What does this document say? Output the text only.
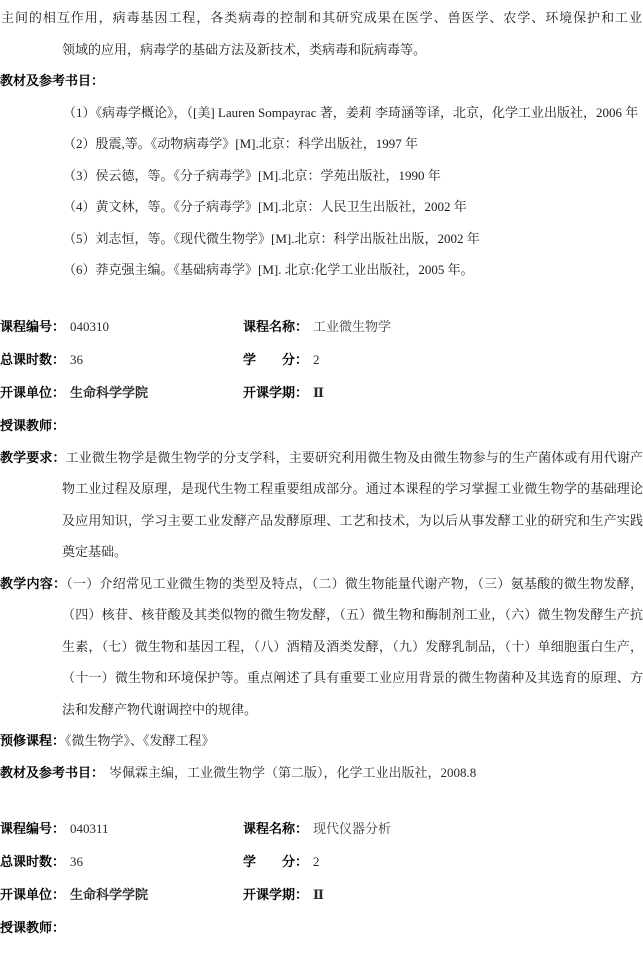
主间的相互作用，病毒基因工程，各类病毒的控制和其研究成果在医学、兽医学、农学、环境保护和工业
领域的应用，病毒学的基础方法及新技术，类病毒和阮病毒等。
教材及参考书目：
（1）《病毒学概论》，（[美] Lauren Sompayrac 著，姜莉 李琦涵等译，北京，化学工业出版社，2006 年
（2）殷震,等。《动物病毒学》[M].北京：科学出版社，1997 年
（3）侯云德，等。《分子病毒学》[M].北京：学苑出版社，1990 年
（4）黄文林，等。《分子病毒学》[M].北京：人民卫生出版社，2002 年
（5）刘志恒，等。《现代微生物学》[M].北京：科学出版社出版，2002 年
（6）莽克强主编。《基础病毒学》[M]. 北京:化学工业出版社，2005 年。
课程编号： 040310	课程名称： 工业微生物学
总课时数： 36	学　　分： 2
开课单位： 生命科学学院	开课学期： Ⅱ
授课教师：
教学要求：工业微生物学是微生物学的分支学科，主要研究利用微生物及由微生物参与的生产菌体或有用代谢产物工业过程及原理，是现代生物工程重要组成部分。通过本课程的学习掌握工业微生物学的基础理论及应用知识，学习主要工业发酵产品发酵原理、工艺和技术，为以后从事发酵工业的研究和生产实践奠定基础。
教学内容：（一）介绍常见工业微生物的类型及特点，（二）微生物能量代谢产物，（三）氨基酸的微生物发酵，（四）核苷、核苷酸及其类似物的微生物发酵，（五）微生物和酶制剂工业，（六）微生物发酵生产抗生素，（七）微生物和基因工程，（八）酒精及酒类发酵，（九）发酵乳制品，（十）单细胞蛋白生产，（十一）微生物和环境保护等。重点阐述了具有重要工业应用背景的微生物菌种及其选育的原理、方法和发酵产物代谢调控中的规律。
预修课程：《微生物学》、《发酵工程》
教材及参考书目： 岑佩霖主编，工业微生物学（第二版），化学工业出版社，2008.8
课程编号： 040311	课程名称： 现代仪器分析
总课时数： 36	学　　分： 2
开课单位： 生命科学学院	开课学期： Ⅱ
授课教师：
